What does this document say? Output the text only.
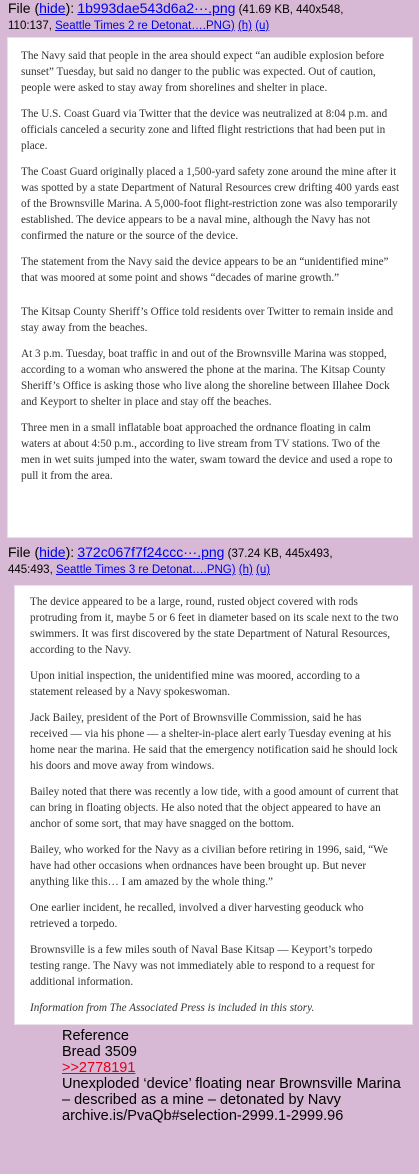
File (hide): 1b993dae543d6a2···.png (41.69 KB, 440x548,
110:137, Seattle Times 2 re Detonat….PNG) (h) (u)

The Navy said that people in the area should expect “an audible explosion before sunset” Tuesday, but said no danger to the public was expected. Out of caution, people were asked to stay away from shorelines and shelter in place.

The U.S. Coast Guard via Twitter that the device was neutralized at 8:04 p.m. and officials canceled a security zone and lifted flight restrictions that had been put in place.

The Coast Guard originally placed a 1,500-yard safety zone around the mine after it was spotted by a state Department of Natural Resources crew drifting 400 yards east of the Brownsville Marina. A 5,000-foot flight-restriction zone was also temporarily established. The device appears to be a naval mine, although the Navy has not confirmed the nature or the source of the device.

The statement from the Navy said the device appears to be an “unidentified mine” that was moored at some point and shows “decades of marine growth.”

The Kitsap County Sheriff’s Office told residents over Twitter to remain inside and stay away from the beaches.

At 3 p.m. Tuesday, boat traffic in and out of the Brownsville Marina was stopped, according to a woman who answered the phone at the marina. The Kitsap County Sheriff’s Office is asking those who live along the shoreline between Illahee Dock and Keyport to shelter in place and stay off the beaches.

Three men in a small inflatable boat approached the ordnance floating in calm waters at about 4:50 p.m., according to live stream from TV stations. Two of the men in wet suits jumped into the water, swam toward the device and used a rope to pull it from the area.

File (hide): 372c067f7f24ccc···.png (37.24 KB, 445x493,
445:493, Seattle Times 3 re Detonat….PNG) (h) (u)

The device appeared to be a large, round, rusted object covered with rods protruding from it, maybe 5 or 6 feet in diameter based on its scale next to the two swimmers. It was first discovered by the state Department of Natural Resources, according to the Navy.

Upon initial inspection, the unidentified mine was moored, according to a statement released by a Navy spokeswoman.

Jack Bailey, president of the Port of Brownsville Commission, said he has received — via his phone — a shelter-in-place alert early Tuesday evening at his home near the marina. He said that the emergency notification said he should lock his doors and move away from windows.

Bailey noted that there was recently a low tide, with a good amount of current that can bring in floating objects. He also noted that the object appeared to have an anchor of some sort, that may have snagged on the bottom.

Bailey, who worked for the Navy as a civilian before retiring in 1996, said, “We have had other occasions when ordnances have been brought up. But never anything like this… I am amazed by the whole thing.”

One earlier incident, he recalled, involved a diver harvesting geoduck who retrieved a torpedo.

Brownsville is a few miles south of Naval Base Kitsap — Keyport’s torpedo testing range. The Navy was not immediately able to respond to a request for additional information.

Information from The Associated Press is included in this story.

Reference
Bread 3509
>>2778191
Unexploded ‘device’ floating near Brownsville Marina – described as a mine – detonated by Navy
archive.is/PvaQb#selection-2999.1-2999.96
